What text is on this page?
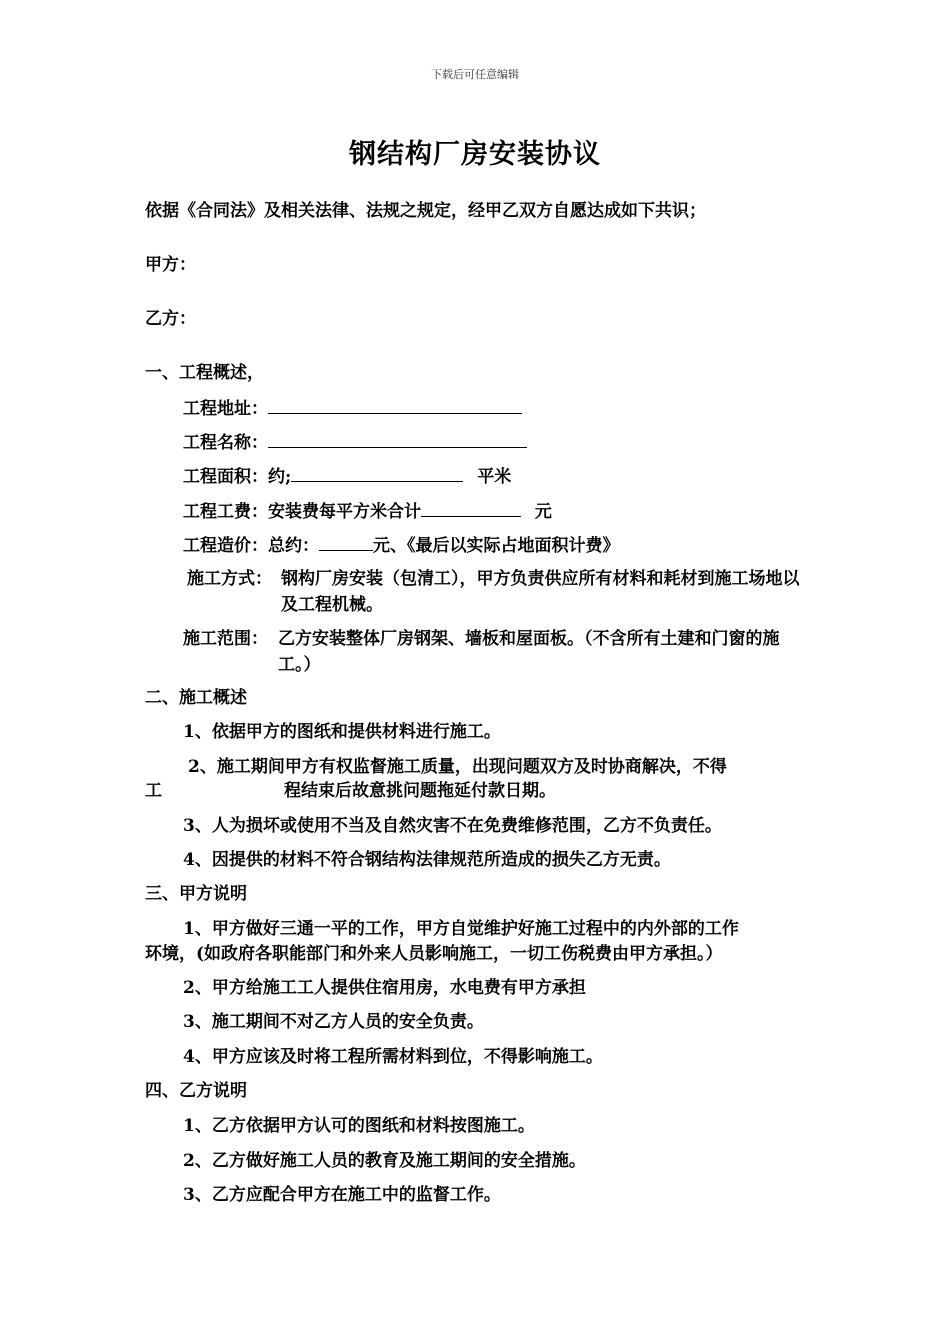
下载后可任意编辑
钢结构厂房安装协议
依据《合同法》及相关法律、法规之规定，经甲乙双方自愿达成如下共识；
甲方：
乙方：
一、工程概述，
工程地址：
工程名称：
工程面积：约;	平米
工程工费：安装费每平方米合计	元
工程造价：总约：	元、《最后以实际占地面积计费》
施工方式： 钢构厂房安装（包清工），甲方负责供应所有材料和耗材到施工场地以及工程机械。
施工范围： 乙方安装整体厂房钢架、墙板和屋面板。（不含所有土建和门窗的施工。）
二、施工概述
1、依据甲方的图纸和提供材料进行施工。
2、施工期间甲方有权监督施工质量，出现问题双方及时协商解决，不得
工	程结束后故意挑问题拖延付款日期。
3、人为损坏或使用不当及自然灾害不在免费维修范围，乙方不负责任。
4、因提供的材料不符合钢结构法律规范所造成的损失乙方无责。
三、甲方说明
1、甲方做好三通一平的工作，甲方自觉维护好施工过程中的内外部的工作
环境，(如政府各职能部门和外来人员影响施工，一切工伤税费由甲方承担。）
2、甲方给施工工人提供住宿用房，水电费有甲方承担
3、施工期间不对乙方人员的安全负责。
4、甲方应该及时将工程所需材料到位，不得影响施工。
四、乙方说明
1、乙方依据甲方认可的图纸和材料按图施工。
2、乙方做好施工人员的教育及施工期间的安全措施。
3、乙方应配合甲方在施工中的监督工作。
